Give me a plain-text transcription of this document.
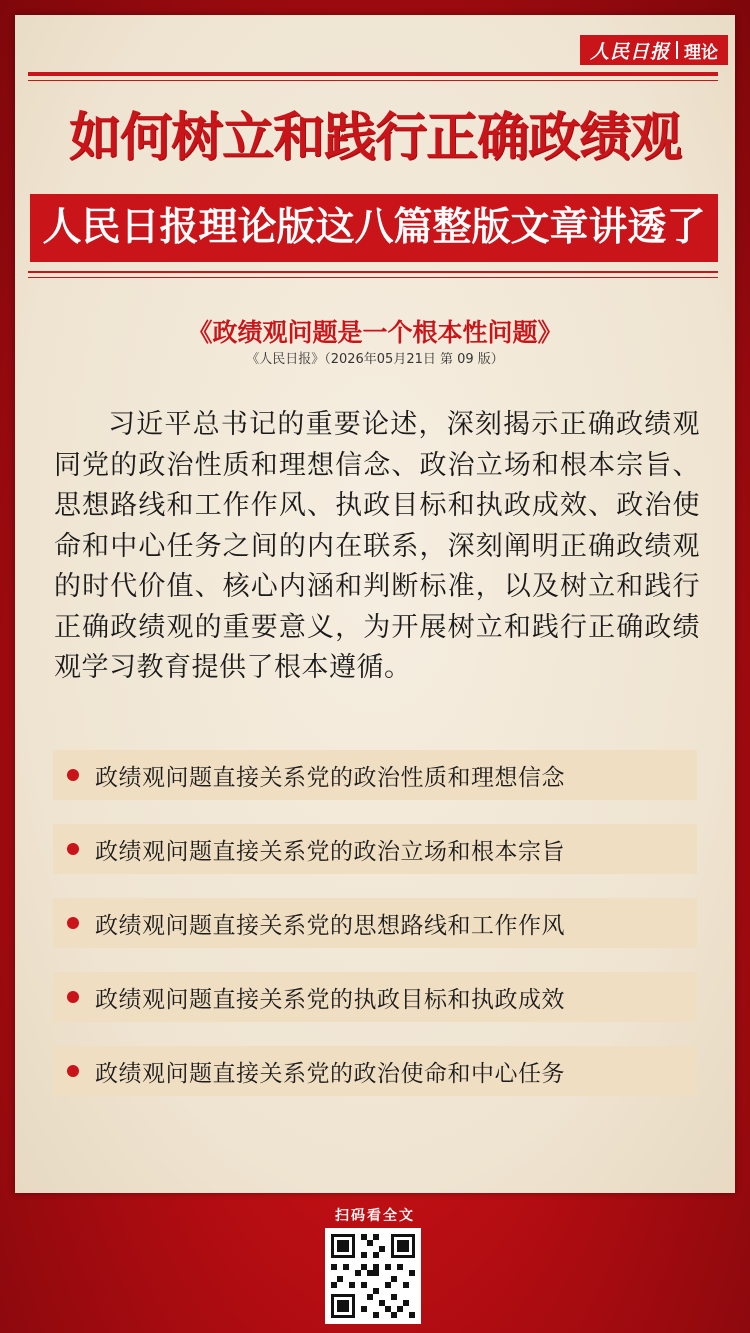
人民日报 理论
如何树立和践行正确政绩观
人民日报理论版这八篇整版文章讲透了
《政绩观问题是一个根本性问题》
《人民日报》（2026年05月21日 第 09 版）

习近平总书记的重要论述，深刻揭示正确政绩观同党的政治性质和理想信念、政治立场和根本宗旨、思想路线和工作作风、执政目标和执政成效、政治使命和中心任务之间的内在联系，深刻阐明正确政绩观的时代价值、核心内涵和判断标准，以及树立和践行正确政绩观的重要意义，为开展树立和践行正确政绩观学习教育提供了根本遵循。

政绩观问题直接关系党的政治性质和理想信念
政绩观问题直接关系党的政治立场和根本宗旨
政绩观问题直接关系党的思想路线和工作作风
政绩观问题直接关系党的执政目标和执政成效
政绩观问题直接关系党的政治使命和中心任务
扫码看全文
